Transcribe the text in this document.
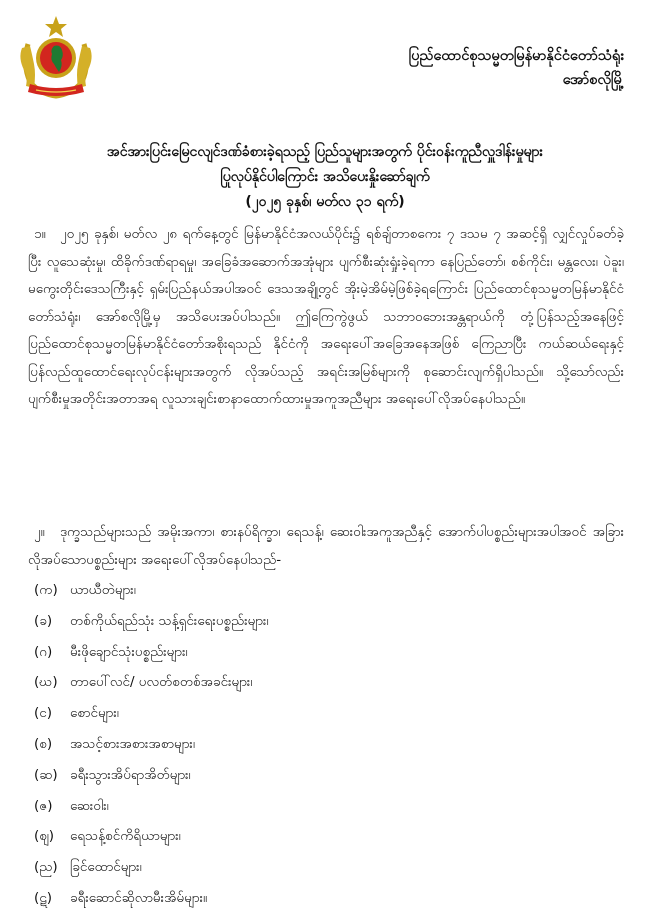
ပြည်ထောင်စုသမ္မတမြန်မာနိုင်ငံတော်သံရုံး
အော်စလိုမြို့
အင်အားပြင်းမြေငလျင်ဒဏ်ခံစားခဲ့ရသည့် ပြည်သူများအတွက် ပိုင်းဝန်းကူညီလှူဒါန်းမှုများ
ပြုလုပ်နိုင်ပါကြောင်း အသိပေးနှိုးဆော်ချက်
(၂၀၂၅ ခုနှစ်၊ မတ်လ ၃၁ ရက်)
၁။ ၂၀၂၅ ခုနှစ်၊ မတ်လ ၂၈ ရက်နေ့တွင် မြန်မာနိုင်ငံအလယ်ပိုင်း၌ ရစ်ချ်တာစကေး ၇ ဒသမ ၇ အဆင့်ရှိ လျှင်လှုပ်ခတ်ခဲ့ပြီး လူသေဆုံးမှု၊ ထိခိုက်ဒဏ်ရာရမှု၊ အခြေခံအဆောက်အအုံများ ပျက်စီးဆုံးရှုံးခဲ့ရကာ နေပြည်တော်၊ စစ်ကိုင်း၊ မန္တလေး၊ ပဲခူး၊ မကွေးတိုင်းဒေသကြီးနှင့် ရှမ်းပြည်နယ်အပါအဝင် ဒေသအချို့တွင် အိုးမဲ့အိမ်မဲ့ဖြစ်ခဲ့ရကြောင်း ပြည်ထောင်စုသမ္မတမြန်မာနိုင်ငံတော်သံရုံး၊ အော်စလိုမြို့မှ အသိပေးအပ်ပါသည်။ ဤကြေကွဲဖွယ် သဘာဝဘေးအန္တရာယ်ကို တုံ့ပြန်သည့်အနေဖြင့် ပြည်ထောင်စုသမ္မတမြန်မာနိုင်ငံတော်အစိုးရသည် နိုင်ငံကို အရေးပေါ်အခြေအနေအဖြစ် ကြေညာပြီး ကယ်ဆယ်ရေးနှင့် ပြန်လည်ထူထောင်ရေးလုပ်ငန်းများအတွက် လိုအပ်သည့် အရင်းအမြစ်များကို စုဆောင်းလျက်ရှိပါသည်။ သို့သော်လည်း ပျက်စီးမှုအတိုင်းအတာအရ လူသားချင်းစာနာထောက်ထားမှုအကူအညီများ အရေးပေါ်လိုအပ်နေပါသည်။
၂။ ဒုက္ခသည်များသည် အမိုးအကာ၊ စားနပ်ရိက္ခာ၊ ရေသန့်၊ ဆေးဝါးအကူအညီနှင့် အောက်ပါပစ္စည်းများအပါအဝင် အခြားလိုအပ်သောပစ္စည်းများ အရေးပေါ်လိုအပ်နေပါသည်-
(က) ယာယီတဲများ၊
(ခ) တစ်ကိုယ်ရည်သုံး သန့်ရှင်းရေးပစ္စည်းများ၊
(ဂ) မီးဖိုချောင်သုံးပစ္စည်းများ၊
(ဃ) တာပေါ်လင်/ ပလတ်စတစ်အခင်းများ၊
(င) စောင်များ၊
(စ) အသင့်စားအစားအစာများ၊
(ဆ) ခရီးသွားအိပ်ရာအိတ်များ၊
(ဇ) ဆေးဝါး၊
(ဈ) ရေသန့်စင်ကိရိယာများ၊
(ည) ခြင်ထောင်များ၊
(ဋ) ခရီးဆောင်ဆိုလာမီးအိမ်များ။
